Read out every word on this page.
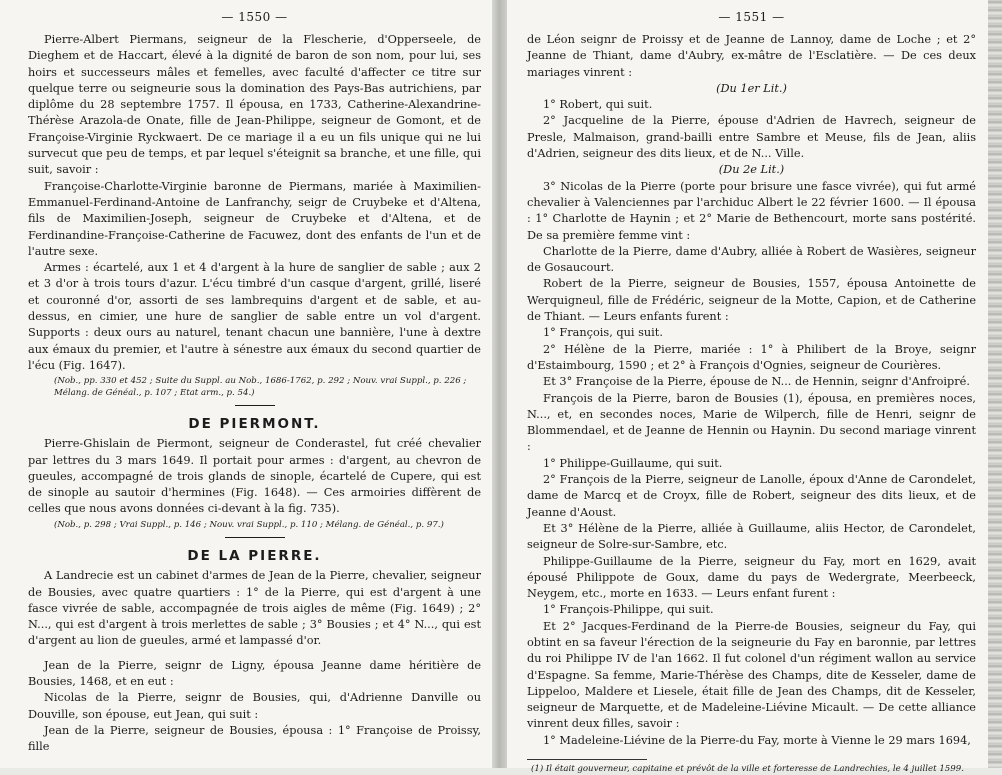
— 1550 —

Pierre-Albert Piermans, seigneur de la Flescherie, d'Opperseele, de Dieghem et de Haccart, élevé à la dignité de baron de son nom, pour lui, ses hoirs et successeurs mâles et femelles, avec faculté d'affecter ce titre sur quelque terre ou seigneurie sous la domination des Pays-Bas autrichiens, par diplôme du 28 septembre 1757. Il épousa, en 1733, Catherine-Alexandrine-Thérèse Arazola-de Onate, fille de Jean-Philippe, seigneur de Gomont, et de Françoise-Virginie Ryckwaert. De ce mariage il a eu un fils unique qui ne lui survecut que peu de temps, et par lequel s'éteignit sa branche, et une fille, qui suit, savoir :

Françoise-Charlotte-Virginie baronne de Piermans, mariée à Maximilien-Emmanuel-Ferdinand-Antoine de Lanfranchy, seigr de Cruybeke et d'Altena, fils de Maximilien-Joseph, seigneur de Cruybeke et d'Altena, et de Ferdinandine-Françoise-Catherine de Facuwez, dont des enfants de l'un et de l'autre sexe.

Armes : écartelé, aux 1 et 4 d'argent à la hure de sanglier de sable ; aux 2 et 3 d'or à trois tours d'azur. L'écu timbré d'un casque d'argent, grillé, liseré et couronné d'or, assorti de ses lambrequins d'argent et de sable, et au-dessus, en cimier, une hure de sanglier de sable entre un vol d'argent. Supports : deux ours au naturel, tenant chacun une bannière, l'une à dextre aux émaux du premier, et l'autre à sénestre aux émaux du second quartier de l'écu (Fig. 1647).

(Nob., pp. 330 et 452 ; Suite du Suppl. au Nob., 1686-1762, p. 292 ; Nouv. vrai Suppl., p. 226 ; Mélang. de Généal., p. 107 ; Etat arm., p. 54.)
DE PIERMONT.

Pierre-Ghislain de Piermont, seigneur de Conderastel, fut créé chevalier par lettres du 3 mars 1649. Il portait pour armes : d'argent, au chevron de gueules, accompagné de trois glands de sinople, écartelé de Cupere, qui est de sinople au sautoir d'hermines (Fig. 1648). — Ces armoiries diffèrent de celles que nous avons données ci-devant à la fig. 735).

(Nob., p. 298 ; Vrai Suppl., p. 146 ; Nouv. vrai Suppl., p. 110 ; Mélang. de Généal., p. 97.)
DE LA PIERRE.

A Landrecie est un cabinet d'armes de Jean de la Pierre, chevalier, seigneur de Bousies, avec quatre quartiers : 1° de la Pierre, qui est d'argent à une fasce vivrée de sable, accompagnée de trois aigles de même (Fig. 1649) ; 2° N..., qui est d'argent à trois merlettes de sable ; 3° Bousies ; et 4° N..., qui est d'argent au lion de gueules, armé et lampassé d'or.

Jean de la Pierre, seignr de Ligny, épousa Jeanne dame héritière de Bousies, 1468, et en eut :

Nicolas de la Pierre, seignr de Bousies, qui, d'Adrienne Danville ou Douville, son épouse, eut Jean, qui suit :

Jean de la Pierre, seigneur de Bousies, épousa : 1° Françoise de Proissy, fille

— 1551 —

de Léon seignr de Proissy et de Jeanne de Lannoy, dame de Loche ; et 2° Jeanne de Thiant, dame d'Aubry, ex-mâtre de l'Esclatière. — De ces deux mariages vinrent :

(Du 1er Lit.)

1° Robert, qui suit.

2° Jacqueline de la Pierre, épouse d'Adrien de Havrech, seigneur de Presle, Malmaison, grand-bailli entre Sambre et Meuse, fils de Jean, aliis d'Adrien, seigneur des dits lieux, et de N... Ville.

(Du 2e Lit.)

3° Nicolas de la Pierre (porte pour brisure une fasce vivrée), qui fut armé chevalier à Valenciennes par l'archiduc Albert le 22 février 1600. — Il épousa : 1° Charlotte de Haynin ; et 2° Marie de Bethencourt, morte sans postérité. De sa première femme vint :

Charlotte de la Pierre, dame d'Aubry, alliée à Robert de Wasières, seigneur de Gosaucourt.

Robert de la Pierre, seigneur de Bousies, 1557, épousa Antoinette de Werquigneul, fille de Frédéric, seigneur de la Motte, Capion, et de Catherine de Thiant. — Leurs enfants furent :

1° François, qui suit.

2° Hélène de la Pierre, mariée : 1° à Philibert de la Broye, seignr d'Estaimbourg, 1590 ; et 2° à François d'Ognies, seigneur de Courières.

Et 3° Françoise de la Pierre, épouse de N... de Hennin, seignr d'Anfroipré.

François de la Pierre, baron de Bousies (1), épousa, en premières noces, N..., et, en secondes noces, Marie de Wilperch, fille de Henri, seignr de Blommendael, et de Jeanne de Hennin ou Haynin. Du second mariage vinrent :

1° Philippe-Guillaume, qui suit.

2° François de la Pierre, seigneur de Lanolle, époux d'Anne de Carondelet, dame de Marcq et de Croyx, fille de Robert, seigneur des dits lieux, et de Jeanne d'Aoust.

Et 3° Hélène de la Pierre, alliée à Guillaume, aliis Hector, de Carondelet, seigneur de Solre-sur-Sambre, etc.

Philippe-Guillaume de la Pierre, seigneur du Fay, mort en 1629, avait épousé Philippote de Goux, dame du pays de Wedergrate, Meerbeeck, Neygem, etc., morte en 1633. — Leurs enfant furent :

1° François-Philippe, qui suit.

Et 2° Jacques-Ferdinand de la Pierre-de Bousies, seigneur du Fay, qui obtint en sa faveur l'érection de la seigneurie du Fay en baronnie, par lettres du roi Philippe IV de l'an 1662. Il fut colonel d'un régiment wallon au service d'Espagne. Sa femme, Marie-Thérèse des Champs, dite de Kesseler, dame de Lippeloo, Maldere et Liesele, était fille de Jean des Champs, dit de Kesseler, seigneur de Marquette, et de Madeleine-Liévine Micault. — De cette alliance vinrent deux filles, savoir :

1° Madeleine-Liévine de la Pierre-du Fay, morte à Vienne le 29 mars 1694,

(1) Il était gouverneur, capitaine et prévôt de la ville et forteresse de Landrechies, le 4 juillet 1599.
